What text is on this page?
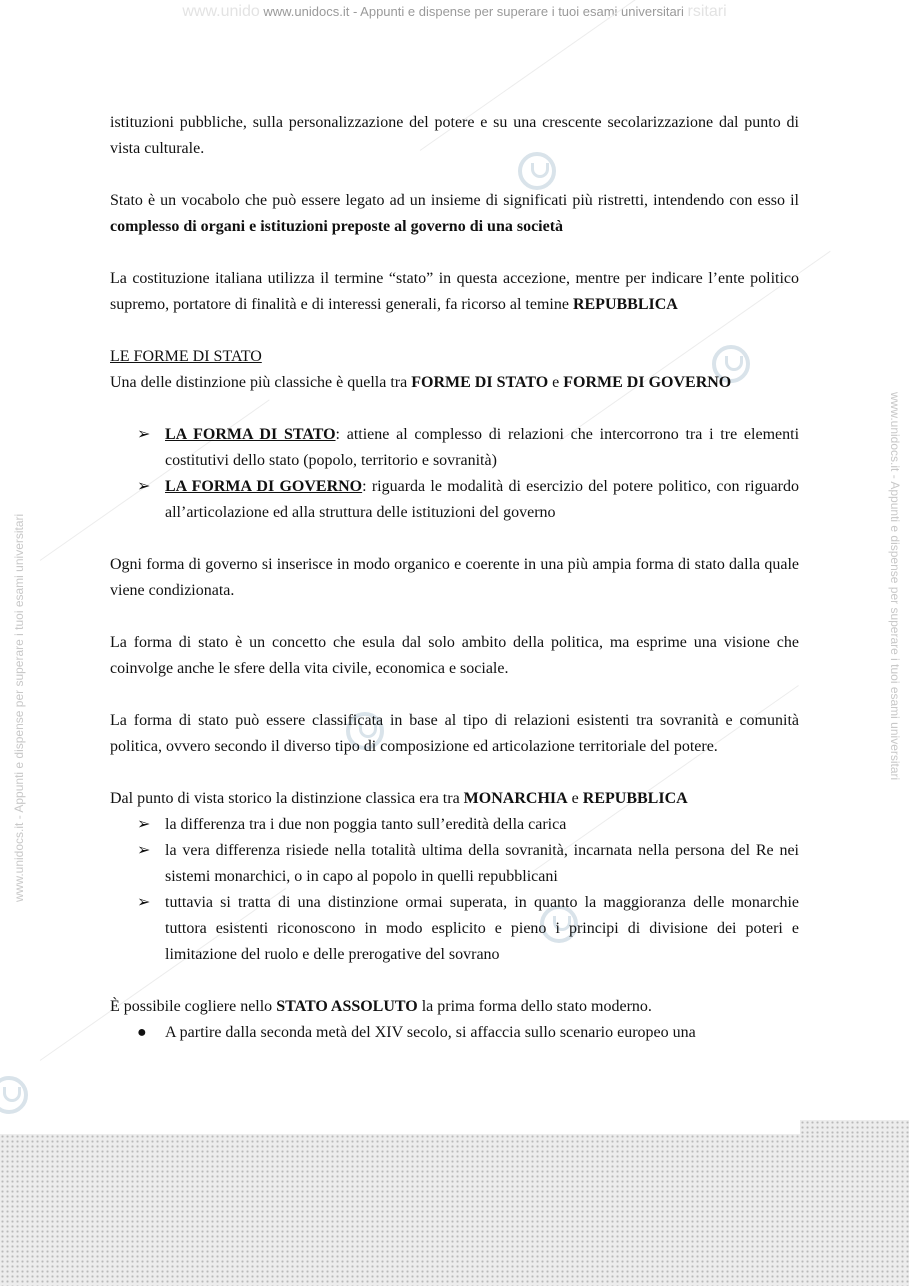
www.unido www.unidocs.it - Appunti e dispense per superare i tuoi esami universitari rsitari
www.unidocs.it - Appunti e dispense per superare i tuoi esami universitari	www.unidocs.it - Appunti e dispense per superare i tuoi esami universitari

istituzioni pubbliche, sulla personalizzazione del potere e su una crescente secolarizzazione dal punto di vista culturale.

Stato è un vocabolo che può essere legato ad un insieme di significati più ristretti, intendendo con esso il complesso di organi e istituzioni preposte al governo di una società

La costituzione italiana utilizza il termine “stato” in questa accezione, mentre per indicare l’ente politico supremo, portatore di finalità e di interessi generali, fa ricorso al temine REPUBBLICA

LE FORME DI STATO

Una delle distinzione più classiche è quella tra FORME DI STATO e FORME DI GOVERNO

➢ LA FORMA DI STATO: attiene al complesso di relazioni che intercorrono tra i tre elementi costitutivi dello stato (popolo, territorio e sovranità)
➢ LA FORMA DI GOVERNO: riguarda le modalità di esercizio del potere politico, con riguardo all’articolazione ed alla struttura delle istituzioni del governo

Ogni forma di governo si inserisce in modo organico e coerente in una più ampia forma di stato dalla quale viene condizionata.

La forma di stato è un concetto che esula dal solo ambito della politica, ma esprime una visione che coinvolge anche le sfere della vita civile, economica e sociale.

La forma di stato può essere classificata in base al tipo di relazioni esistenti tra sovranità e comunità politica, ovvero secondo il diverso tipo di composizione ed articolazione territoriale del potere.

Dal punto di vista storico la distinzione classica era tra MONARCHIA e REPUBBLICA

➢ la differenza tra i due non poggia tanto sull’eredità della carica
➢ la vera differenza risiede nella totalità ultima della sovranità, incarnata nella persona del Re nei sistemi monarchici, o in capo al popolo in quelli repubblicani
➢ tuttavia si tratta di una distinzione ormai superata, in quanto la maggioranza delle monarchie tuttora esistenti riconoscono in modo esplicito e pieno i principi di divisione dei poteri e limitazione del ruolo e delle prerogative del sovrano

È possibile cogliere nello STATO ASSOLUTO la prima forma dello stato moderno.

● A partire dalla seconda metà del XIV secolo, si affaccia sullo scenario europeo una
